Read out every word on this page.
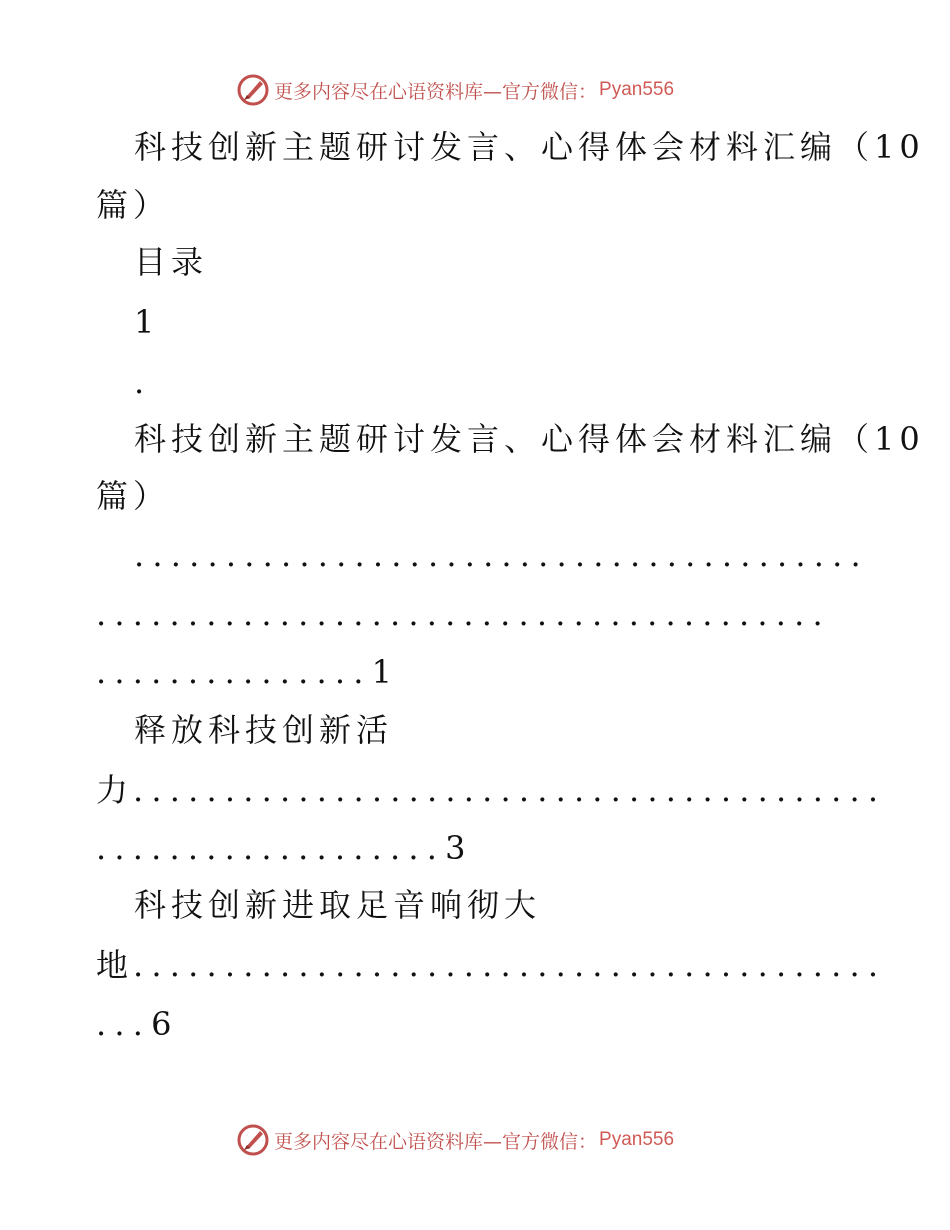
更多内容尽在心语资料库—官方微信： Pyan556
科技创新主题研讨发言、心得体会材料汇编（10
篇）
目录
1
.
科技创新主题研讨发言、心得体会材料汇编（10
篇）
........................................
........................................
...............1
释放科技创新活
力.........................................
...................3
科技创新进取足音响彻大
地.........................................
...6
更多内容尽在心语资料库—官方微信： Pyan556
